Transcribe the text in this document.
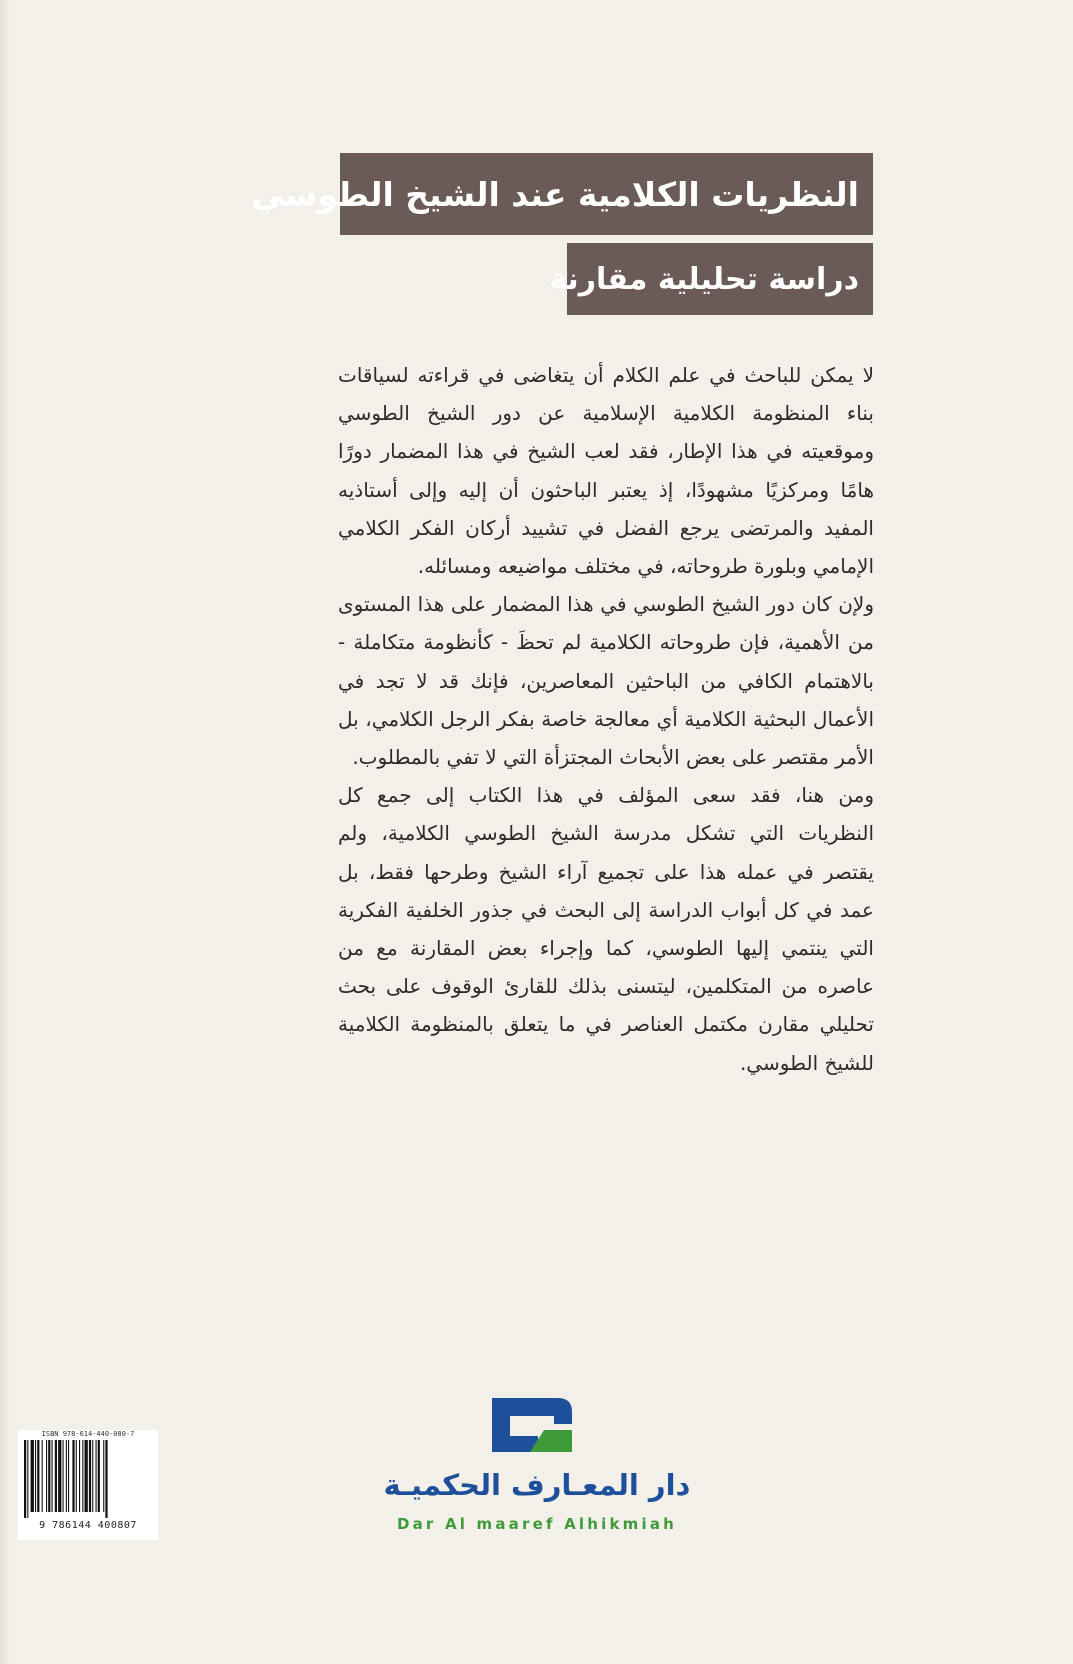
النظريات الكلامية عند الشيخ الطوسي
دراسة تحليلية مقارنة

لا يمكن للباحث في علم الكلام أن يتغاضى في قراءته لسياقات بناء المنظومة الكلامية الإسلامية عن دور الشيخ الطوسي وموقعيته في هذا الإطار، فقد لعب الشيخ في هذا المضمار دورًا هامًا ومركزيًا مشهودًا، إذ يعتبر الباحثون أن إليه وإلى أستاذيه المفيد والمرتضى يرجع الفضل في تشييد أركان الفكر الكلامي الإمامي وبلورة طروحاته، في مختلف مواضيعه ومسائله.

ولإن كان دور الشيخ الطوسي في هذا المضمار على هذا المستوى من الأهمية، فإن طروحاته الكلامية لم تحظَ - كأنظومة متكاملة - بالاهتمام الكافي من الباحثين المعاصرين، فإنك قد لا تجد في الأعمال البحثية الكلامية أي معالجة خاصة بفكر الرجل الكلامي، بل الأمر مقتصر على بعض الأبحاث المجتزأة التي لا تفي بالمطلوب.

ومن هنا، فقد سعى المؤلف في هذا الكتاب إلى جمع كل النظريات التي تشكل مدرسة الشيخ الطوسي الكلامية، ولم يقتصر في عمله هذا على تجميع آراء الشيخ وطرحها فقط، بل عمد في كل أبواب الدراسة إلى البحث في جذور الخلفية الفكرية التي ينتمي إليها الطوسي، كما وإجراء بعض المقارنة مع من عاصره من المتكلمين، ليتسنى بذلك للقارئ الوقوف على بحث تحليلي مقارن مكتمل العناصر في ما يتعلق بالمنظومة الكلامية للشيخ الطوسي.

ISBN 978-614-440-080-7
9 786144 400807
دار المعـارف الحكميـة
Dar Al maaref Alhikmiah
